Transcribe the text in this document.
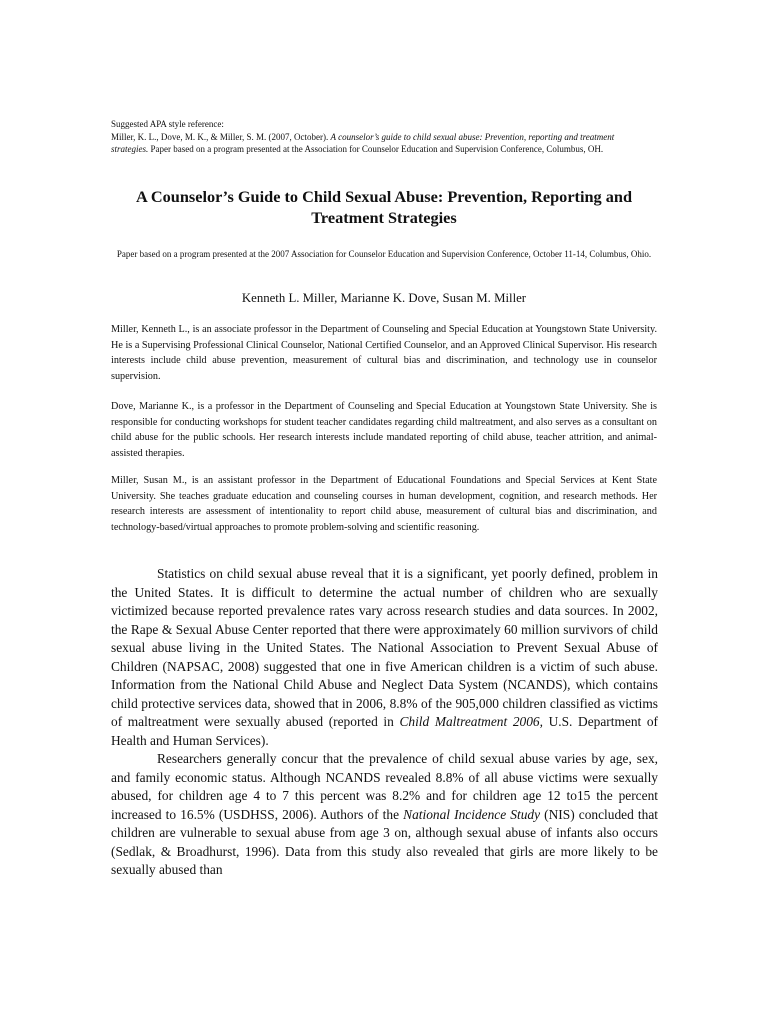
Suggested APA style reference:

Miller, K. L., Dove, M. K., & Miller, S. M. (2007, October). A counselor’s guide to child sexual abuse: Prevention, reporting and treatment strategies. Paper based on a program presented at the Association for Counselor Education and Supervision Conference, Columbus, OH.

A Counselor’s Guide to Child Sexual Abuse: Prevention, Reporting and Treatment Strategies

Paper based on a program presented at the 2007 Association for Counselor Education and Supervision Conference, October 11-14, Columbus, Ohio.

Kenneth L. Miller, Marianne K. Dove, Susan M. Miller

Miller, Kenneth L., is an associate professor in the Department of Counseling and Special Education at Youngstown State University. He is a Supervising Professional Clinical Counselor, National Certified Counselor, and an Approved Clinical Supervisor. His research interests include child abuse prevention, measurement of cultural bias and discrimination, and technology use in counselor supervision.

Dove, Marianne K., is a professor in the Department of Counseling and Special Education at Youngstown State University. She is responsible for conducting workshops for student teacher candidates regarding child maltreatment, and also serves as a consultant on child abuse for the public schools. Her research interests include mandated reporting of child abuse, teacher attrition, and animal-assisted therapies.

Miller, Susan M., is an assistant professor in the Department of Educational Foundations and Special Services at Kent State University. She teaches graduate education and counseling courses in human development, cognition, and research methods. Her research interests are assessment of intentionality to report child abuse, measurement of cultural bias and discrimination, and technology-based/virtual approaches to promote problem-solving and scientific reasoning.

Statistics on child sexual abuse reveal that it is a significant, yet poorly defined, problem in the United States. It is difficult to determine the actual number of children who are sexually victimized because reported prevalence rates vary across research studies and data sources. In 2002, the Rape & Sexual Abuse Center reported that there were approximately 60 million survivors of child sexual abuse living in the United States. The National Association to Prevent Sexual Abuse of Children (NAPSAC, 2008) suggested that one in five American children is a victim of such abuse. Information from the National Child Abuse and Neglect Data System (NCANDS), which contains child protective services data, showed that in 2006, 8.8% of the 905,000 children classified as victims of maltreatment were sexually abused (reported in Child Maltreatment 2006, U.S. Department of Health and Human Services).

Researchers generally concur that the prevalence of child sexual abuse varies by age, sex, and family economic status. Although NCANDS revealed 8.8% of all abuse victims were sexually abused, for children age 4 to 7 this percent was 8.2% and for children age 12 to15 the percent increased to 16.5% (USDHSS, 2006). Authors of the National Incidence Study (NIS) concluded that children are vulnerable to sexual abuse from age 3 on, although sexual abuse of infants also occurs (Sedlak, & Broadhurst, 1996). Data from this study also revealed that girls are more likely to be sexually abused than
